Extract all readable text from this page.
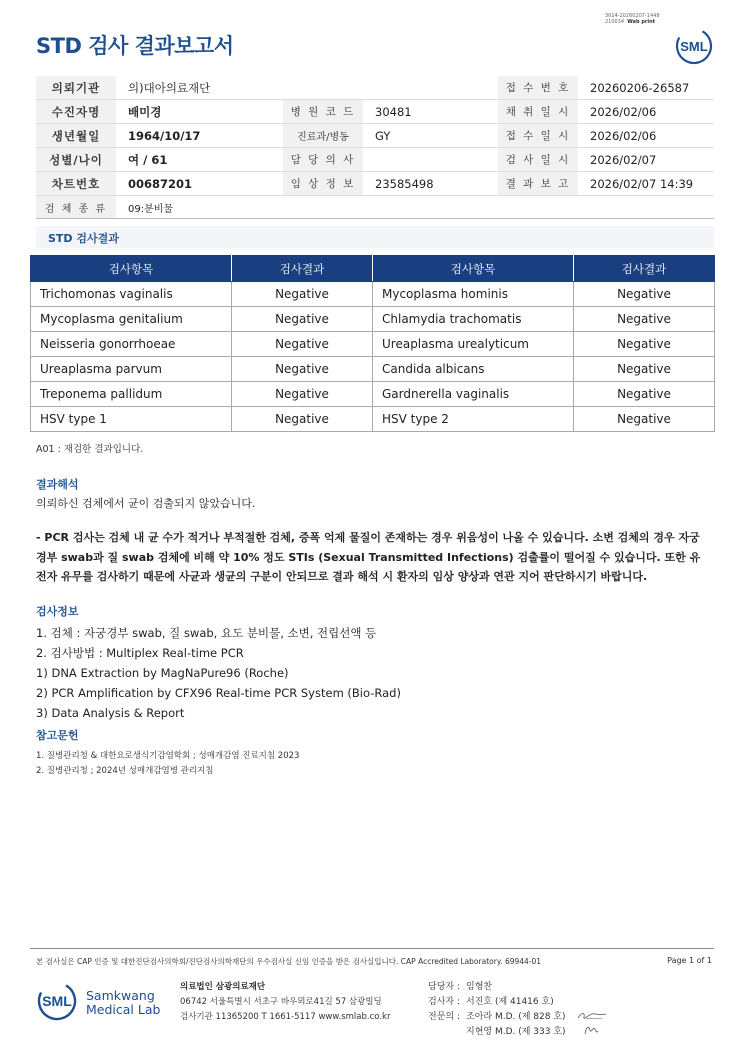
3014-20260207-1448
210034 Web print
STD 검사 결과보고서	SML
의뢰기관	의)대아의료재단			접 수 번 호	20260206-26587
수진자명	배미경	병 원 코 드	30481	채 취 일 시	2026/02/06
생년월일	1964/10/17	진료과/병동	GY	접 수 일 시	2026/02/06
성별/나이	여 / 61	담 당 의 사		검 사 일 시	2026/02/07
차트번호	00687201	임 상 정 보	23585498	결 과 보 고	2026/02/07 14:39
검 체 종 류	09:분비물				
STD 검사결과
검사항목	검사결과	검사항목	검사결과
Trichomonas vaginalis	Negative	Mycoplasma hominis	Negative
Mycoplasma genitalium	Negative	Chlamydia trachomatis	Negative
Neisseria gonorrhoeae	Negative	Ureaplasma urealyticum	Negative
Ureaplasma parvum	Negative	Candida albicans	Negative
Treponema pallidum	Negative	Gardnerella vaginalis	Negative
HSV type 1	Negative	HSV type 2	Negative
A01 : 재검한 결과입니다.
결과해석
의뢰하신 검체에서 균이 검출되지 않았습니다.
- PCR 검사는 검체 내 균 수가 적거나 부적절한 검체, 증폭 억제 물질이 존재하는 경우 위음성이 나올 수 있습니다. 소변 검체의 경우 자궁경부 swab과 질 swab 검체에 비해 약 10% 정도 STIs (Sexual Transmitted Infections) 검출률이 떨어질 수 있습니다. 또한 유전자 유무를 검사하기 때문에 사균과 생균의 구분이 안되므로 결과 해석 시 환자의 임상 양상과 연관 지어 판단하시기 바랍니다.
검사정보
1. 검체 : 자궁경부 swab, 질 swab, 요도 분비물, 소변, 전립선액 등
2. 검사방법 : Multiplex Real-time PCR
1) DNA Extraction by MagNaPure96 (Roche)
2) PCR Amplification by CFX96 Real-time PCR System (Bio-Rad)
3) Data Analysis & Report
참고문헌
1. 질병관리청 & 대한요로생식기감염학회 ; 성매개감염 진료지침 2023
2. 질병관리청 ; 2024년 성매개감염병 관리지침
본 검사실은 CAP 인증 및 대한진단검사의학회/진단검사의학재단의 우수검사실 신임 인증을 받은 검사실입니다. CAP Accredited Laboratory. 69944-01	Page 1 of 1
SML Samkwang
Medical Lab
의료법인 삼광의료재단
06742 서울특별시 서초구 바우뫼로41길 57 삼광빌딩
검사기관 11365200 T 1661-5117 www.smlab.co.kr
담당자 : 임형찬
검사자 : 서진호 (제 41416 호)
전문의 : 조아라 M.D. (제 828 호)
지현영 M.D. (제 333 호)
